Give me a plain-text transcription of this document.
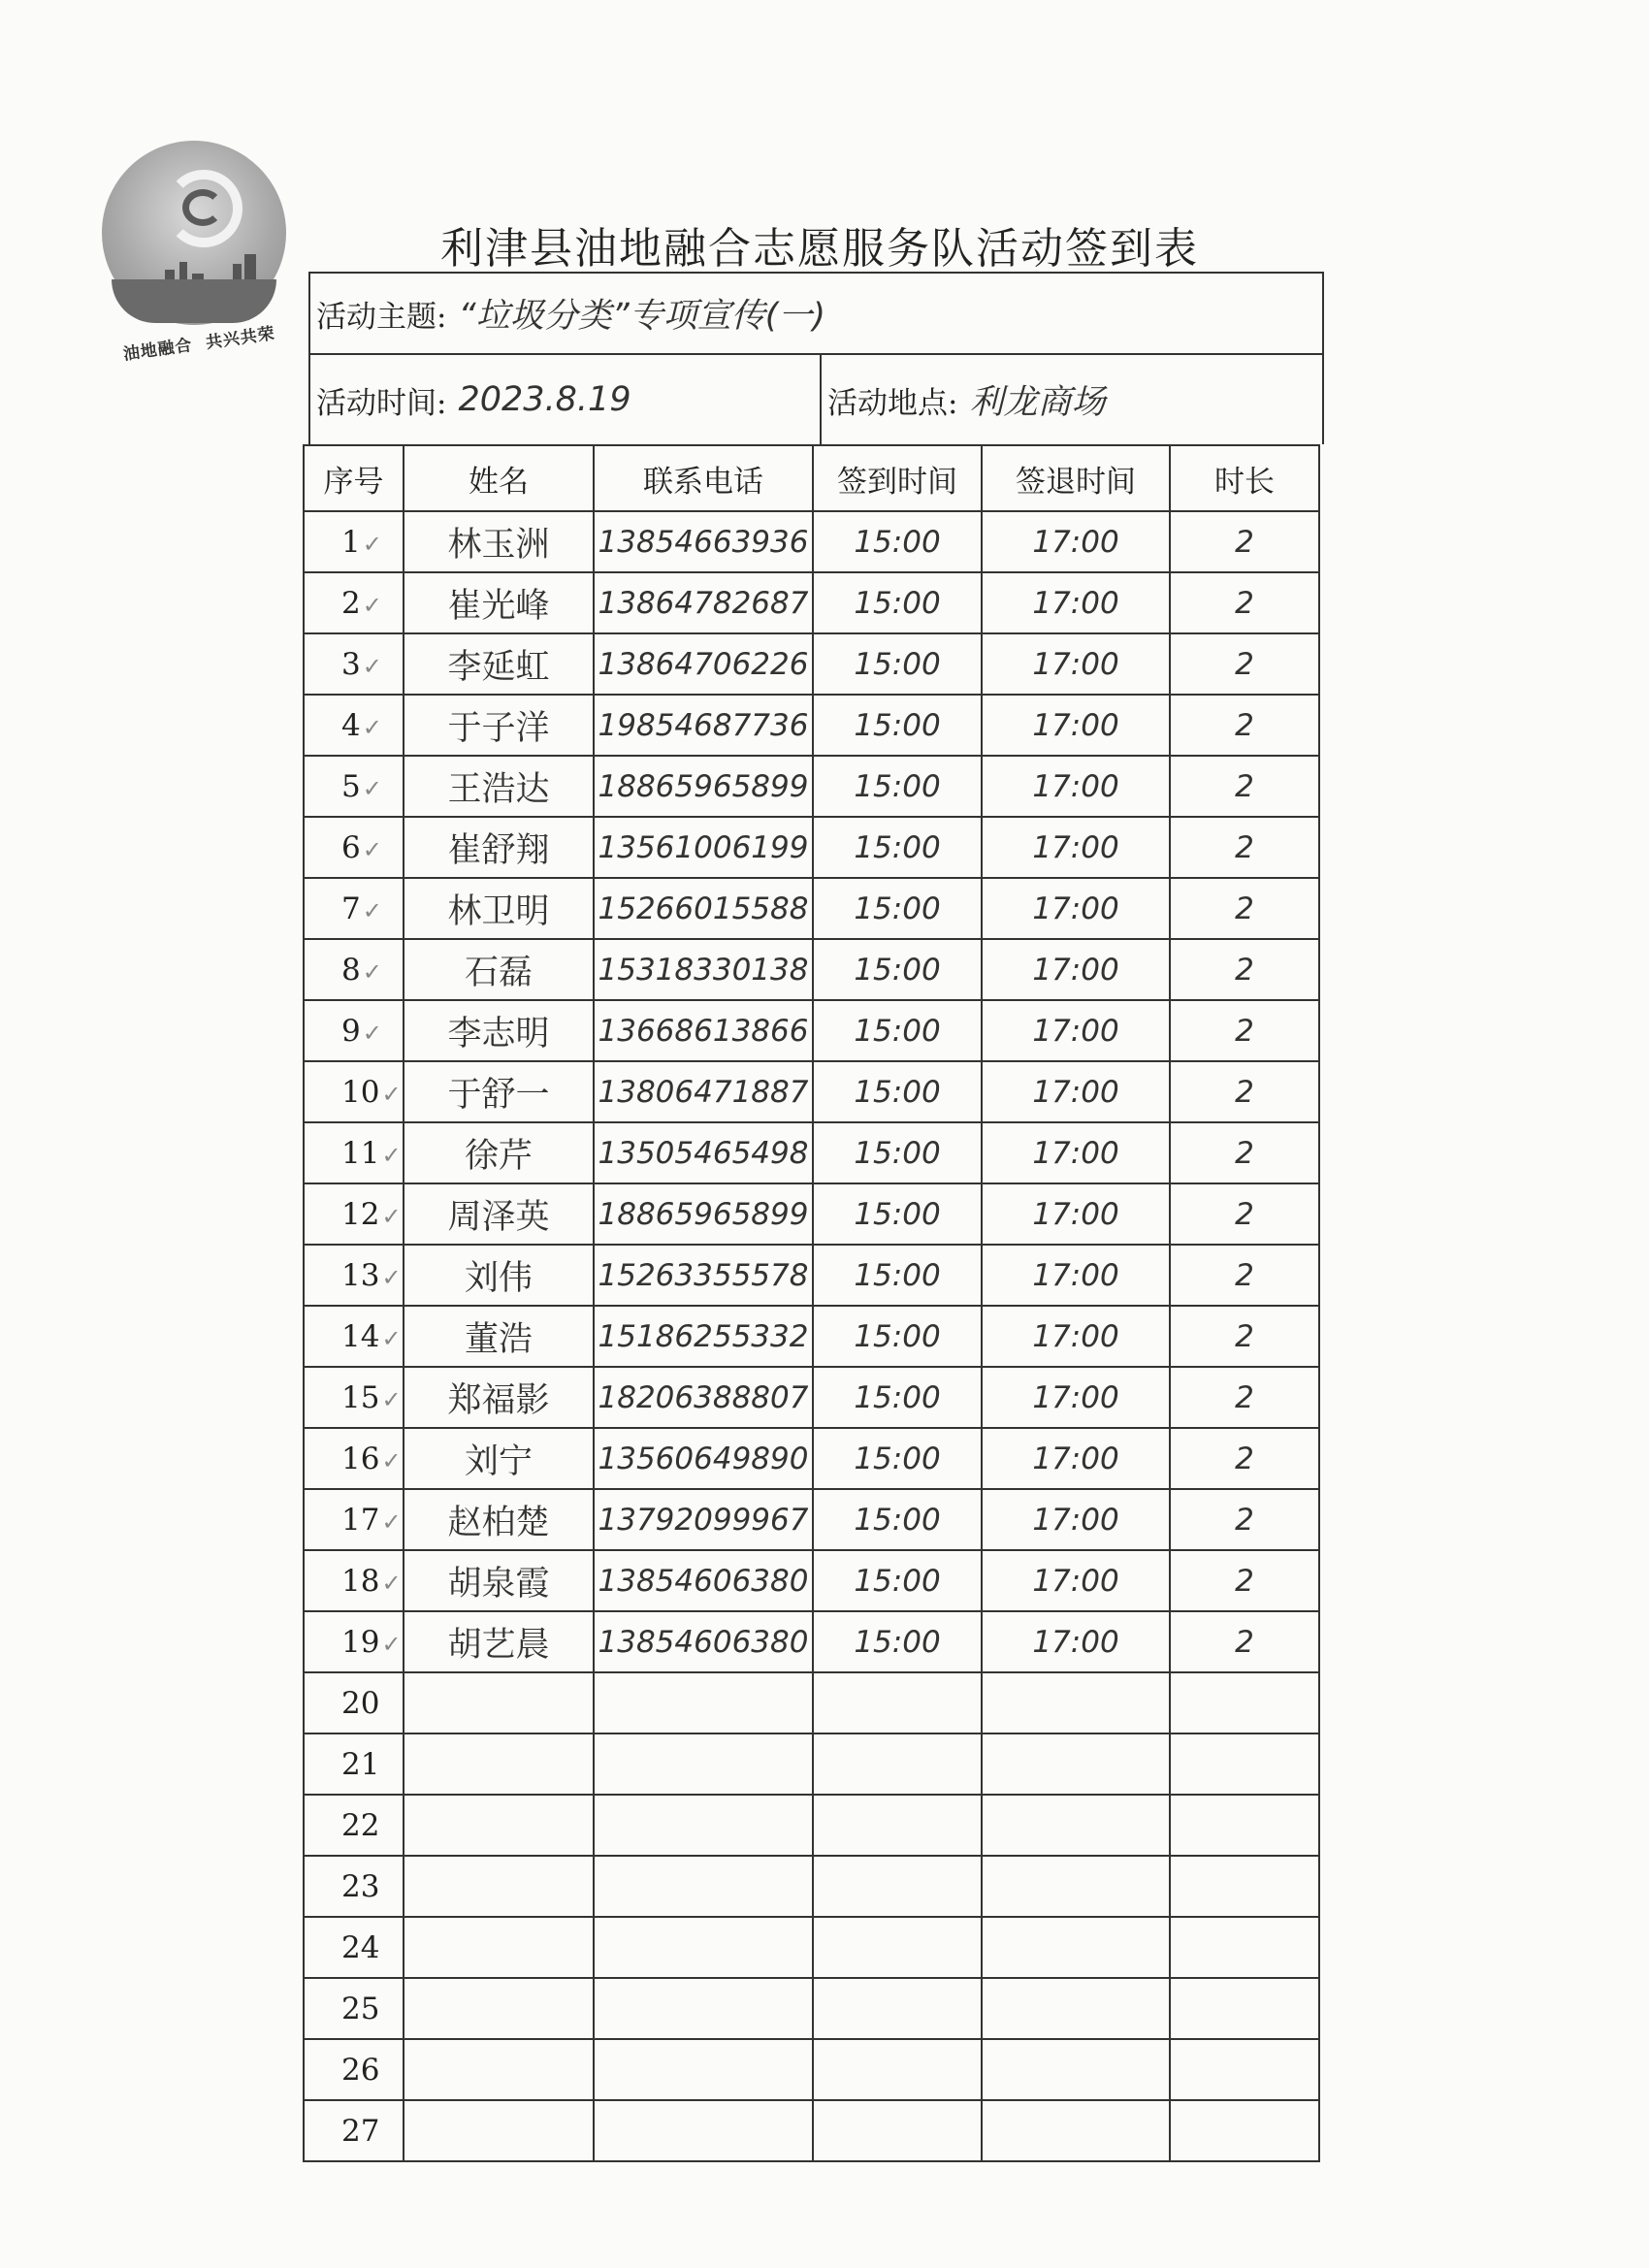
油地融合 共兴共荣
利津县油地融合志愿服务队活动签到表
活动主题: “垃圾分类”专项宣传(一)
活动时间: 2023.8.19	活动地点: 利龙商场
序号	姓名	联系电话	签到时间	签退时间	时长
1✓	林玉洲	13854663936	15:00	17:00	2
2✓	崔光峰	13864782687	15:00	17:00	2
3✓	李延虹	13864706226	15:00	17:00	2
4✓	于子洋	19854687736	15:00	17:00	2
5✓	王浩达	18865965899	15:00	17:00	2
6✓	崔舒翔	13561006199	15:00	17:00	2
7✓	林卫明	15266015588	15:00	17:00	2
8✓	石磊	15318330138	15:00	17:00	2
9✓	李志明	13668613866	15:00	17:00	2
10✓	于舒一	13806471887	15:00	17:00	2
11✓	徐芹	13505465498	15:00	17:00	2
12✓	周泽英	18865965899	15:00	17:00	2
13✓	刘伟	15263355578	15:00	17:00	2
14✓	董浩	15186255332	15:00	17:00	2
15✓	郑福影	18206388807	15:00	17:00	2
16✓	刘宁	13560649890	15:00	17:00	2
17✓	赵柏楚	13792099967	15:00	17:00	2
18✓	胡泉霞	13854606380	15:00	17:00	2
19✓	胡艺晨	13854606380	15:00	17:00	2
20					
21					
22					
23					
24					
25					
26					
27					
